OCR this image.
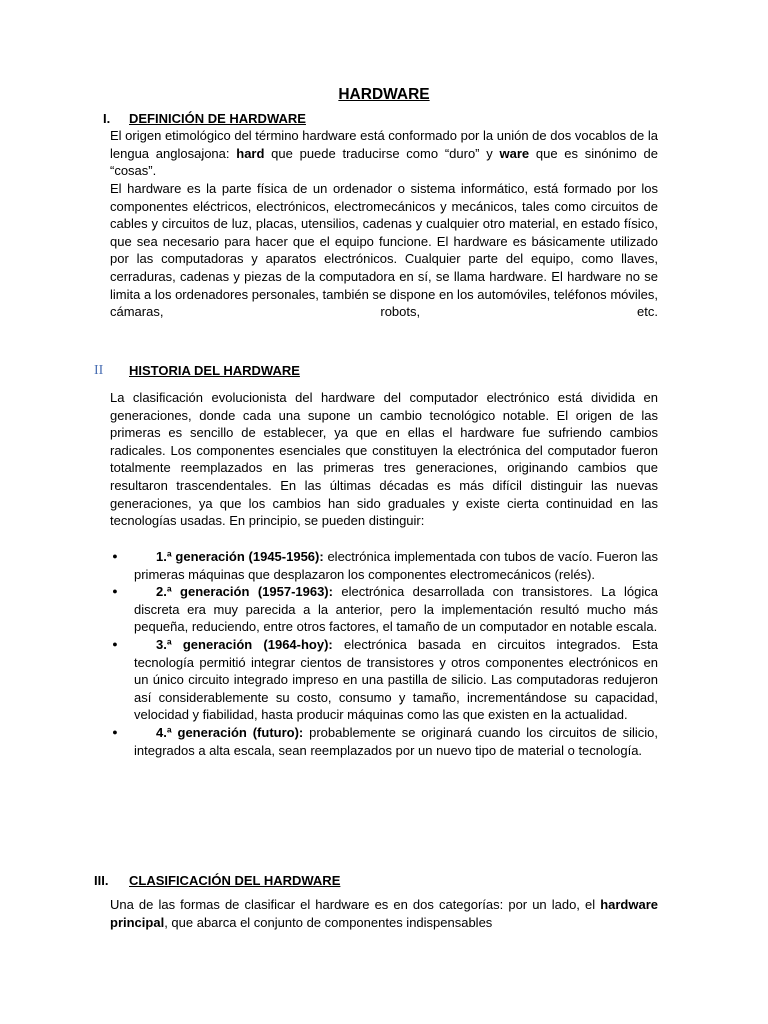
HARDWARE
I. DEFINICIÓN DE HARDWARE

El origen etimológico del término hardware está conformado por la unión de dos vocablos de la lengua anglosajona: hard que puede traducirse como “duro” y ware que es sinónimo de “cosas”.

El hardware es la parte física de un ordenador o sistema informático, está formado por los componentes eléctricos, electrónicos, electromecánicos y mecánicos, tales como circuitos de cables y circuitos de luz, placas, utensilios, cadenas y cualquier otro material, en estado físico, que sea necesario para hacer que el equipo funcione. El hardware es básicamente utilizado por las computadoras y aparatos electrónicos. Cualquier parte del equipo, como llaves, cerraduras, cadenas y piezas de la computadora en sí, se llama hardware. El hardware no se limita a los ordenadores personales, también se dispone en los automóviles, teléfonos móviles, cámaras, robots, etc.

II HISTORIA DEL HARDWARE

La clasificación evolucionista del hardware del computador electrónico está dividida en generaciones, donde cada una supone un cambio tecnológico notable. El origen de las primeras es sencillo de establecer, ya que en ellas el hardware fue sufriendo cambios radicales. Los componentes esenciales que constituyen la electrónica del computador fueron totalmente reemplazados en las primeras tres generaciones, originando cambios que resultaron trascendentales. En las últimas décadas es más difícil distinguir las nuevas generaciones, ya que los cambios han sido graduales y existe cierta continuidad en las tecnologías usadas. En principio, se pueden distinguir:

●	1.ª generación (1945-1956): electrónica implementada con tubos de vacío. Fueron las primeras máquinas que desplazaron los componentes electromecánicos (relés).
●	2.ª generación (1957-1963): electrónica desarrollada con transistores. La lógica discreta era muy parecida a la anterior, pero la implementación resultó mucho más pequeña, reduciendo, entre otros factores, el tamaño de un computador en notable escala.
●	3.ª generación (1964-hoy): electrónica basada en circuitos integrados. Esta tecnología permitió integrar cientos de transistores y otros componentes electrónicos en un único circuito integrado impreso en una pastilla de silicio. Las computadoras redujeron así considerablemente su costo, consumo y tamaño, incrementándose su capacidad, velocidad y fiabilidad, hasta producir máquinas como las que existen en la actualidad.
●	4.ª generación (futuro): probablemente se originará cuando los circuitos de silicio, integrados a alta escala, sean reemplazados por un nuevo tipo de material o tecnología.
III. CLASIFICACIÓN DEL HARDWARE

Una de las formas de clasificar el hardware es en dos categorías: por un lado, el hardware principal, que abarca el conjunto de componentes indispensables
